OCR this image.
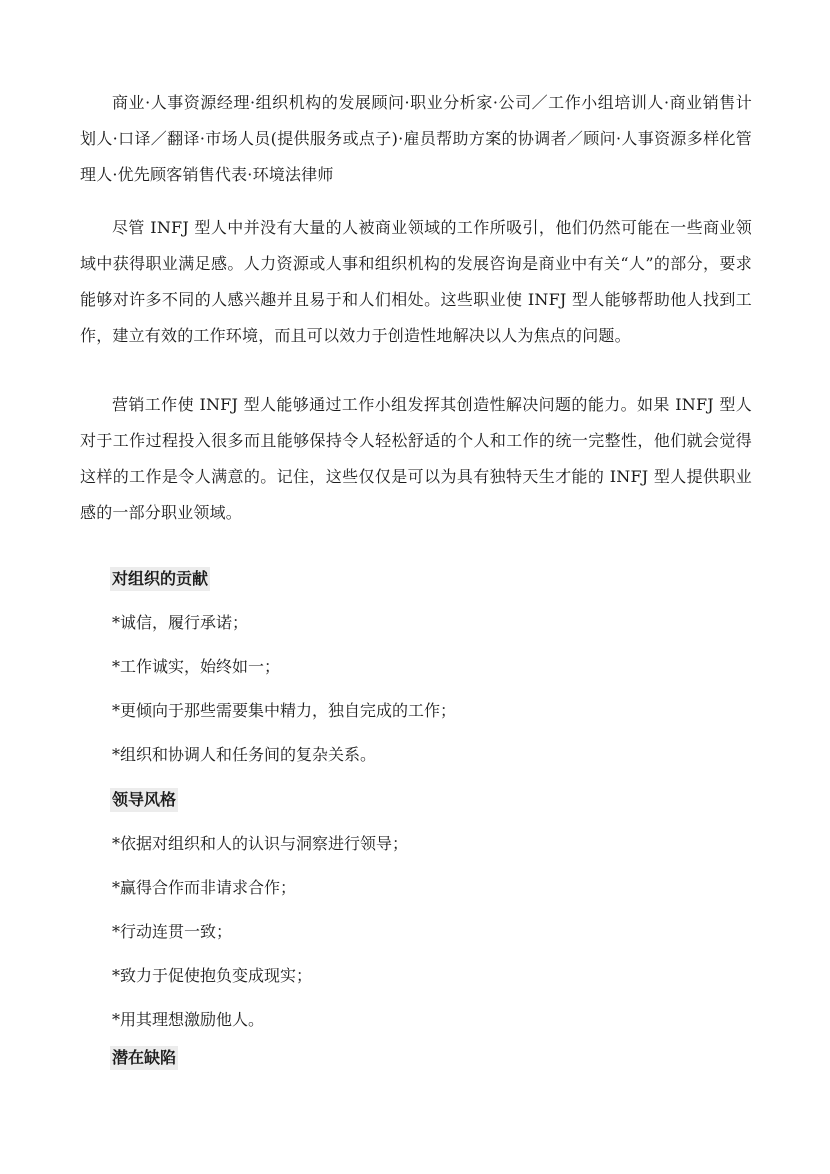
商业·人事资源经理·组织机构的发展顾问·职业分析家·公司／工作小组培训人·商业销售计划人·口译／翻译·市场人员(提供服务或点子)·雇员帮助方案的协调者／顾问·人事资源多样化管理人·优先顾客销售代表·环境法律师

尽管 INFJ 型人中并没有大量的人被商业领域的工作所吸引，他们仍然可能在一些商业领域中获得职业满足感。人力资源或人事和组织机构的发展咨询是商业中有关“人”的部分，要求能够对许多不同的人感兴趣并且易于和人们相处。这些职业使 INFJ 型人能够帮助他人找到工作，建立有效的工作环境，而且可以效力于创造性地解决以人为焦点的问题。

营销工作使 INFJ 型人能够通过工作小组发挥其创造性解决问题的能力。如果 INFJ 型人对于工作过程投入很多而且能够保持令人轻松舒适的个人和工作的统一完整性，他们就会觉得这样的工作是令人满意的。记住，这些仅仅是可以为具有独特天生才能的 INFJ 型人提供职业感的一部分职业领域。

对组织的贡献

*诚信，履行承诺；

*工作诚实，始终如一；

*更倾向于那些需要集中精力，独自完成的工作；

*组织和协调人和任务间的复杂关系。

领导风格

*依据对组织和人的认识与洞察进行领导；

*赢得合作而非请求合作；

*行动连贯一致；

*致力于促使抱负变成现实；

*用其理想激励他人。

潜在缺陷
